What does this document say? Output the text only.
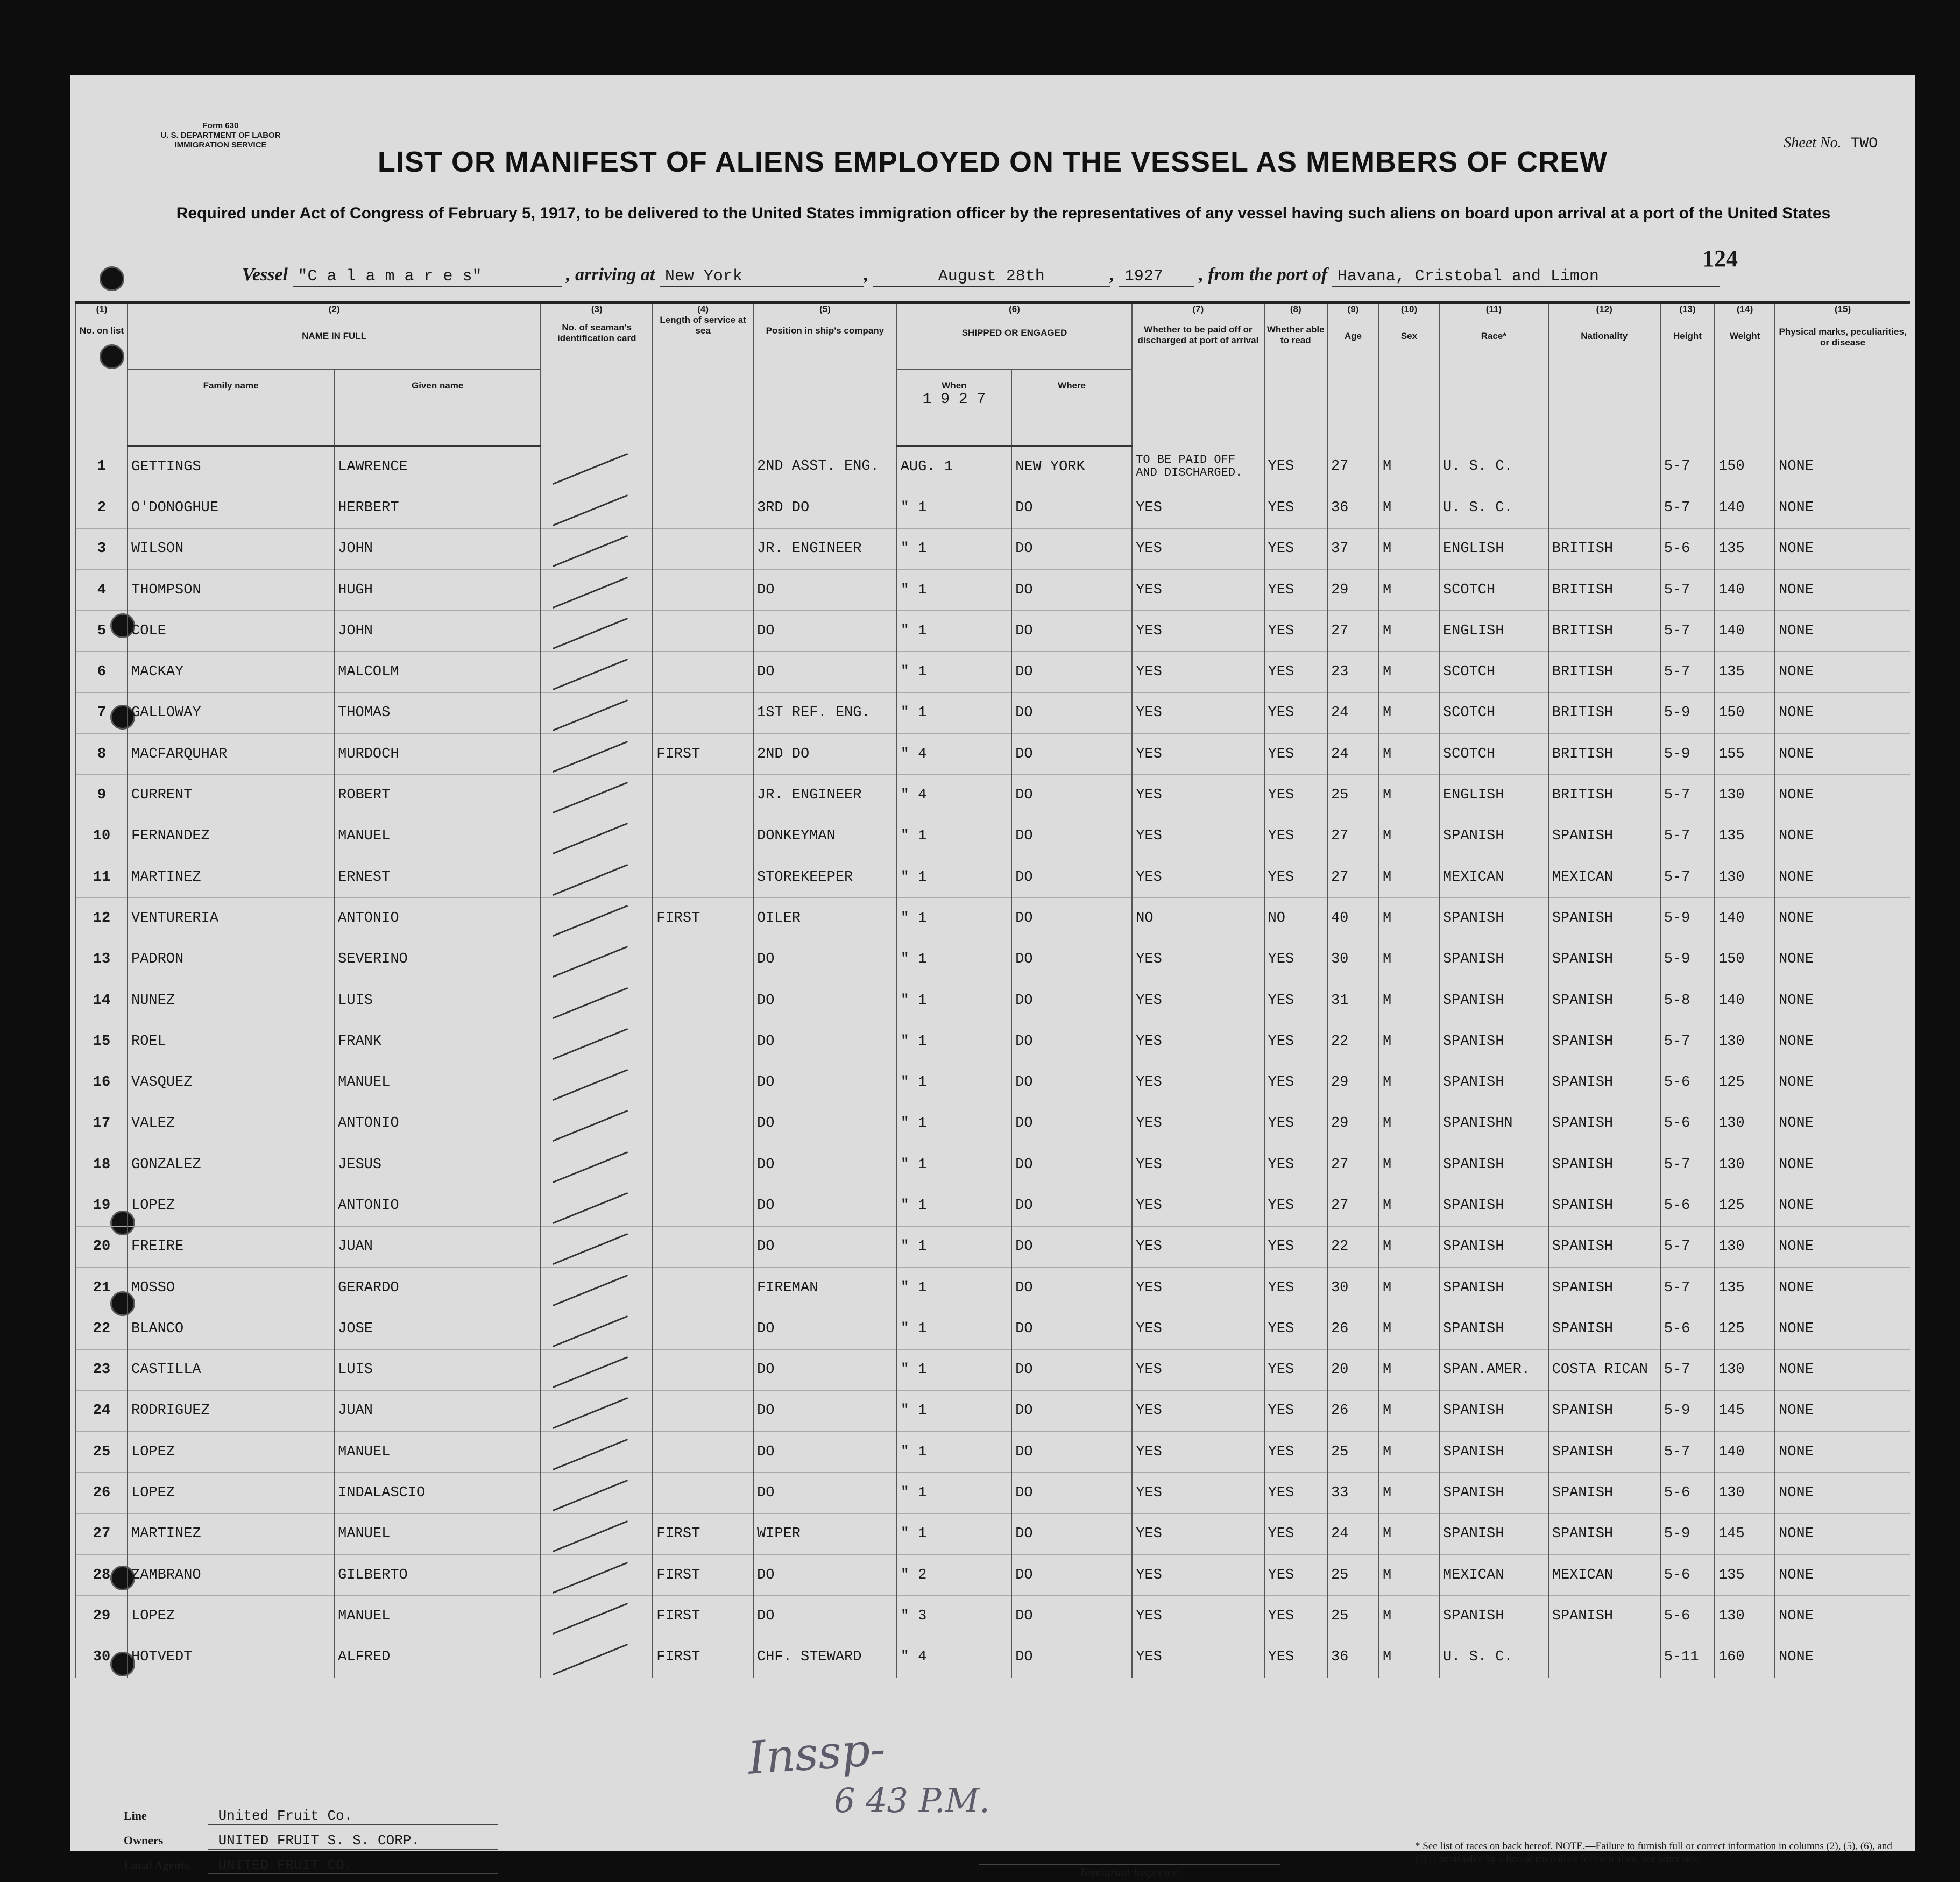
Form 630
U. S. DEPARTMENT OF LABOR
IMMIGRATION SERVICE	Sheet No. TWO
LIST OR MANIFEST OF ALIENS EMPLOYED ON THE VESSEL AS MEMBERS OF CREW
Required under Act of Congress of February 5, 1917, to be delivered to the United States immigration officer by the representatives of any vessel having such aliens on board upon arrival at a port of the United States
124
Vessel "C a l a m a r e s"	, arriving at New York	,	August 28th	, 1927 , from the port of Havana, Cristobal and Limon
(1)	(2)		(3)	(4)	(5)	(6)		(7)	(8)	(9)	(10)	(11)	(12)	(13)	(14)	(15)
No. on list	NAME IN FULL		No. of seaman's identification card	Length of service at sea	Position in ship's company	SHIPPED OR ENGAGED		Whether to be paid off or discharged at port of arrival	Whether able to read	Age	Sex	Race*	Nationality	Height	Weight	Physical marks, peculiarities, or disease
	Family name	Given name				When
1 9 2 7	Where									
1	GETTINGS	LAWRENCE			2ND ASST. ENG.	AUG. 1	NEW YORK	TO BE PAID OFF AND DISCHARGED.	YES	27	M	U. S. C.		5-7	150	NONE
2	O'DONOGHUE	HERBERT			3RD DO	" 1	DO	YES	YES	36	M	U. S. C.		5-7	140	NONE
3	WILSON	JOHN			JR. ENGINEER	" 1	DO	YES	YES	37	M	ENGLISH	BRITISH	5-6	135	NONE
4	THOMPSON	HUGH			DO	" 1	DO	YES	YES	29	M	SCOTCH	BRITISH	5-7	140	NONE
5	COLE	JOHN			DO	" 1	DO	YES	YES	27	M	ENGLISH	BRITISH	5-7	140	NONE
6	MACKAY	MALCOLM			DO	" 1	DO	YES	YES	23	M	SCOTCH	BRITISH	5-7	135	NONE
7	GALLOWAY	THOMAS			1ST REF. ENG.	" 1	DO	YES	YES	24	M	SCOTCH	BRITISH	5-9	150	NONE
8	MACFARQUHAR	MURDOCH		FIRST	2ND DO	" 4	DO	YES	YES	24	M	SCOTCH	BRITISH	5-9	155	NONE
9	CURRENT	ROBERT			JR. ENGINEER	" 4	DO	YES	YES	25	M	ENGLISH	BRITISH	5-7	130	NONE
10	FERNANDEZ	MANUEL			DONKEYMAN	" 1	DO	YES	YES	27	M	SPANISH	SPANISH	5-7	135	NONE
11	MARTINEZ	ERNEST			STOREKEEPER	" 1	DO	YES	YES	27	M	MEXICAN	MEXICAN	5-7	130	NONE
12	VENTURERIA	ANTONIO		FIRST	OILER	" 1	DO	NO	NO	40	M	SPANISH	SPANISH	5-9	140	NONE
13	PADRON	SEVERINO			DO	" 1	DO	YES	YES	30	M	SPANISH	SPANISH	5-9	150	NONE
14	NUNEZ	LUIS			DO	" 1	DO	YES	YES	31	M	SPANISH	SPANISH	5-8	140	NONE
15	ROEL	FRANK			DO	" 1	DO	YES	YES	22	M	SPANISH	SPANISH	5-7	130	NONE
16	VASQUEZ	MANUEL			DO	" 1	DO	YES	YES	29	M	SPANISH	SPANISH	5-6	125	NONE
17	VALEZ	ANTONIO			DO	" 1	DO	YES	YES	29	M	SPANISHN	SPANISH	5-6	130	NONE
18	GONZALEZ	JESUS			DO	" 1	DO	YES	YES	27	M	SPANISH	SPANISH	5-7	130	NONE
19	LOPEZ	ANTONIO			DO	" 1	DO	YES	YES	27	M	SPANISH	SPANISH	5-6	125	NONE
20	FREIRE	JUAN			DO	" 1	DO	YES	YES	22	M	SPANISH	SPANISH	5-7	130	NONE
21	MOSSO	GERARDO			FIREMAN	" 1	DO	YES	YES	30	M	SPANISH	SPANISH	5-7	135	NONE
22	BLANCO	JOSE			DO	" 1	DO	YES	YES	26	M	SPANISH	SPANISH	5-6	125	NONE
23	CASTILLA	LUIS			DO	" 1	DO	YES	YES	20	M	SPAN.AMER.	COSTA RICAN	5-7	130	NONE
24	RODRIGUEZ	JUAN			DO	" 1	DO	YES	YES	26	M	SPANISH	SPANISH	5-9	145	NONE
25	LOPEZ	MANUEL			DO	" 1	DO	YES	YES	25	M	SPANISH	SPANISH	5-7	140	NONE
26	LOPEZ	INDALASCIO			DO	" 1	DO	YES	YES	33	M	SPANISH	SPANISH	5-6	130	NONE
27	MARTINEZ	MANUEL		FIRST	WIPER	" 1	DO	YES	YES	24	M	SPANISH	SPANISH	5-9	145	NONE
28	ZAMBRANO	GILBERTO		FIRST	DO	" 2	DO	YES	YES	25	M	MEXICAN	MEXICAN	5-6	135	NONE
29	LOPEZ	MANUEL		FIRST	DO	" 3	DO	YES	YES	25	M	SPANISH	SPANISH	5-6	130	NONE
30	HOTVEDT	ALFRED		FIRST	CHF. STEWARD	" 4	DO	YES	YES	36	M	U. S. C.		5-11	160	NONE
Inssp-
6 43 P.M.
Line	United Fruit Co.
Owners	UNITED FRUIT S. S. CORP.
Local Agents UNITED FRUIT CO.	Immigrant Inspector.
* See list of races on back hereof. NOTE.—Failure to furnish full or correct information in columns (2), (5), (6), and (7) is punishable by a fine of ten dollars for each alien. See other side.
